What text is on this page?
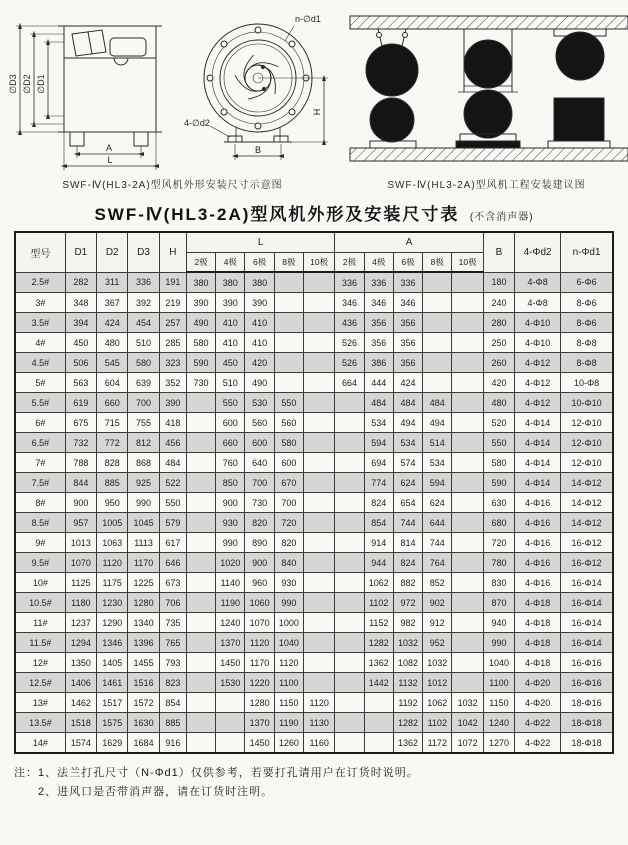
∅D3 ∅D2 ∅D1
A
L
n-∅d1
4-∅d2
B
H
SWF-Ⅳ(HL3-2A)型风机外形安装尺寸示意图	SWF-Ⅳ(HL3-2A)型风机工程安装建议图
SWF-Ⅳ(HL3-2A)型风机外形及安装尺寸表 (不含消声器)
型号	D1	D2	D3	H	L					A					B	4-Φd2	n-Φd1
					2极	4极	6极	8极	10极	2极	4极	6极	8极	10极			
2.5#	282	311	336	191	380	380	380			336	336	336			180	4-Φ8	6-Φ6
3#	348	367	392	219	390	390	390			346	346	346			240	4-Φ8	8-Φ6
3.5#	394	424	454	257	490	410	410			436	356	356			280	4-Φ10	8-Φ6
4#	450	480	510	285	580	410	410			526	356	356			250	4-Φ10	8-Φ8
4.5#	506	545	580	323	590	450	420			526	386	356			260	4-Φ12	8-Φ8
5#	563	604	639	352	730	510	490			664	444	424			420	4-Φ12	10-Φ8
5.5#	619	660	700	390		550	530	550			484	484	484		480	4-Φ12	10-Φ10
6#	675	715	755	418		600	560	560			534	494	494		520	4-Φ14	12-Φ10
6.5#	732	772	812	456		660	600	580			594	534	514		550	4-Φ14	12-Φ10
7#	788	828	868	484		760	640	600			694	574	534		580	4-Φ14	12-Φ10
7.5#	844	885	925	522		850	700	670			774	624	594		590	4-Φ14	14-Φ12
8#	900	950	990	550		900	730	700			824	654	624		630	4-Φ16	14-Φ12
8.5#	957	1005	1045	579		930	820	720			854	744	644		680	4-Φ16	14-Φ12
9#	1013	1063	1113	617		990	890	820			914	814	744		720	4-Φ16	16-Φ12
9.5#	1070	1120	1170	646		1020	900	840			944	824	764		780	4-Φ16	16-Φ12
10#	1125	1175	1225	673		1140	960	930			1062	882	852		830	4-Φ16	16-Φ14
10.5#	1180	1230	1280	706		1190	1060	990			1102	972	902		870	4-Φ18	16-Φ14
11#	1237	1290	1340	735		1240	1070	1000			1152	982	912		940	4-Φ18	16-Φ14
11.5#	1294	1346	1396	765		1370	1120	1040			1282	1032	952		990	4-Φ18	16-Φ14
12#	1350	1405	1455	793		1450	1170	1120			1362	1082	1032		1040	4-Φ18	16-Φ16
12.5#	1406	1461	1516	823		1530	1220	1100			1442	1132	1012		1100	4-Φ20	16-Φ16
13#	1462	1517	1572	854			1280	1150	1120			1192	1062	1032	1150	4-Φ20	18-Φ16
13.5#	1518	1575	1630	885			1370	1190	1130			1282	1102	1042	1240	4-Φ22	18-Φ18
14#	1574	1629	1684	916			1450	1260	1160			1362	1172	1072	1270	4-Φ22	18-Φ18
注： 1、法兰打孔尺寸（N-Φd1）仅供参考，若要打孔请用户在订货时说明。
2、进风口是否带消声器，请在订货时注明。
